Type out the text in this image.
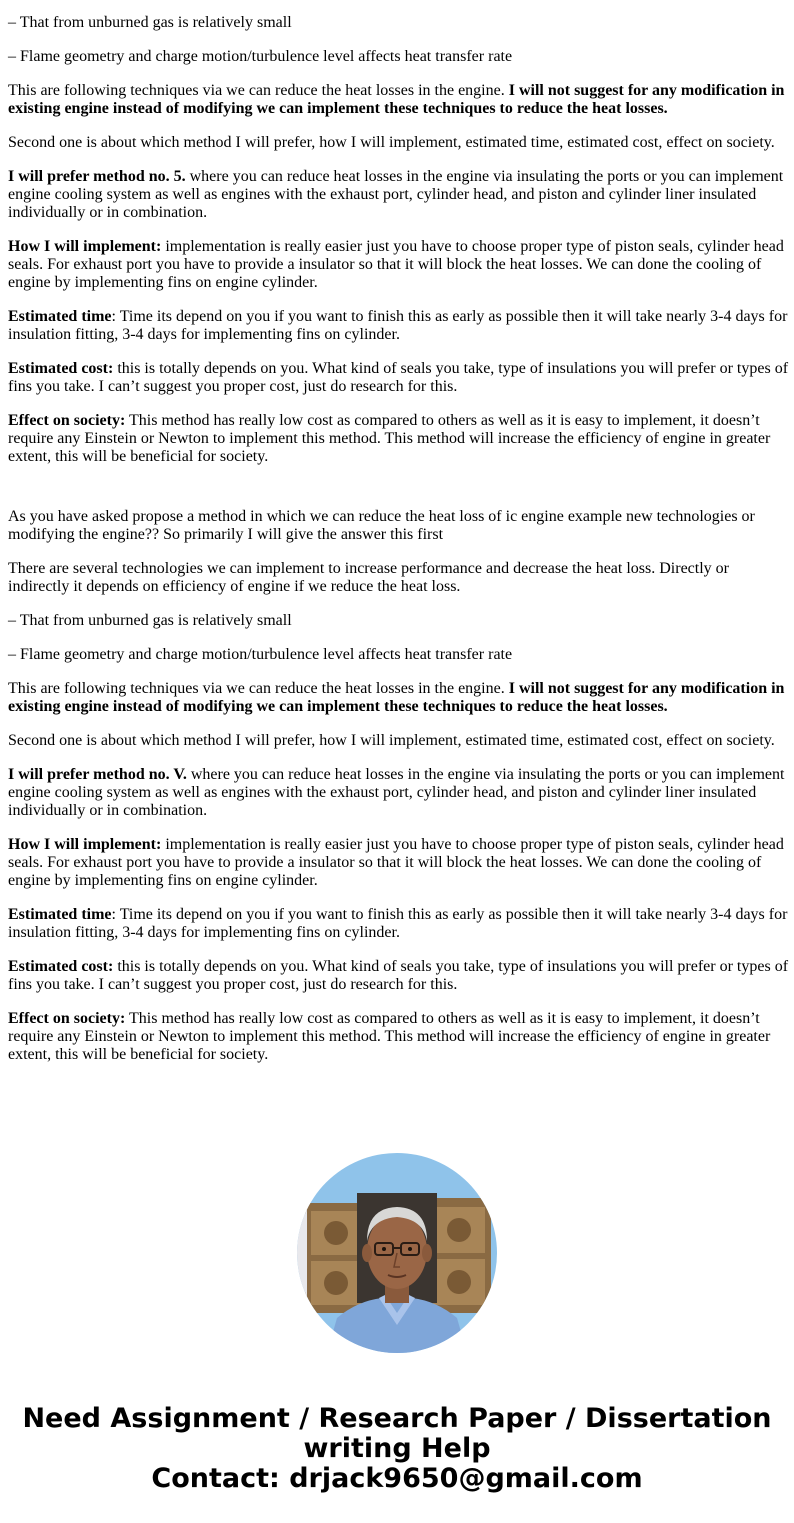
– That from unburned gas is relatively small

– Flame geometry and charge motion/turbulence level affects heat transfer rate

This are following techniques via we can reduce the heat losses in the engine. I will not suggest for any modification in existing engine instead of modifying we can implement these techniques to reduce the heat losses.

Second one is about which method I will prefer, how I will implement, estimated time, estimated cost, effect on society.

I will prefer method no. 5. where you can reduce heat losses in the engine via insulating the ports or you can implement engine cooling system as well as engines with the exhaust port, cylinder head, and piston and cylinder liner insulated individually or in combination.

How I will implement: implementation is really easier just you have to choose proper type of piston seals, cylinder head seals. For exhaust port you have to provide a insulator so that it will block the heat losses. We can done the cooling of engine by implementing fins on engine cylinder.

Estimated time: Time its depend on you if you want to finish this as early as possible then it will take nearly 3-4 days for insulation fitting, 3-4 days for implementing fins on cylinder.

Estimated cost: this is totally depends on you. What kind of seals you take, type of insulations you will prefer or types of fins you take. I can’t suggest you proper cost, just do research for this.

Effect on society: This method has really low cost as compared to others as well as it is easy to implement, it doesn’t require any Einstein or Newton to implement this method. This method will increase the efficiency of engine in greater extent, this will be beneficial for society.

As you have asked propose a method in which we can reduce the heat loss of ic engine example new technologies or modifying the engine?? So primarily I will give the answer this first

There are several technologies we can implement to increase performance and decrease the heat loss. Directly or indirectly it depends on efficiency of engine if we reduce the heat loss.

– That from unburned gas is relatively small

– Flame geometry and charge motion/turbulence level affects heat transfer rate

This are following techniques via we can reduce the heat losses in the engine. I will not suggest for any modification in existing engine instead of modifying we can implement these techniques to reduce the heat losses.

Second one is about which method I will prefer, how I will implement, estimated time, estimated cost, effect on society.

I will prefer method no. V. where you can reduce heat losses in the engine via insulating the ports or you can implement engine cooling system as well as engines with the exhaust port, cylinder head, and piston and cylinder liner insulated individually or in combination.

How I will implement: implementation is really easier just you have to choose proper type of piston seals, cylinder head seals. For exhaust port you have to provide a insulator so that it will block the heat losses. We can done the cooling of engine by implementing fins on engine cylinder.

Estimated time: Time its depend on you if you want to finish this as early as possible then it will take nearly 3-4 days for insulation fitting, 3-4 days for implementing fins on cylinder.

Estimated cost: this is totally depends on you. What kind of seals you take, type of insulations you will prefer or types of fins you take. I can’t suggest you proper cost, just do research for this.

Effect on society: This method has really low cost as compared to others as well as it is easy to implement, it doesn’t require any Einstein or Newton to implement this method. This method will increase the efficiency of engine in greater extent, this will be beneficial for society.

Need Assignment / Research Paper / Dissertation
writing Help
Contact: drjack9650@gmail.com
